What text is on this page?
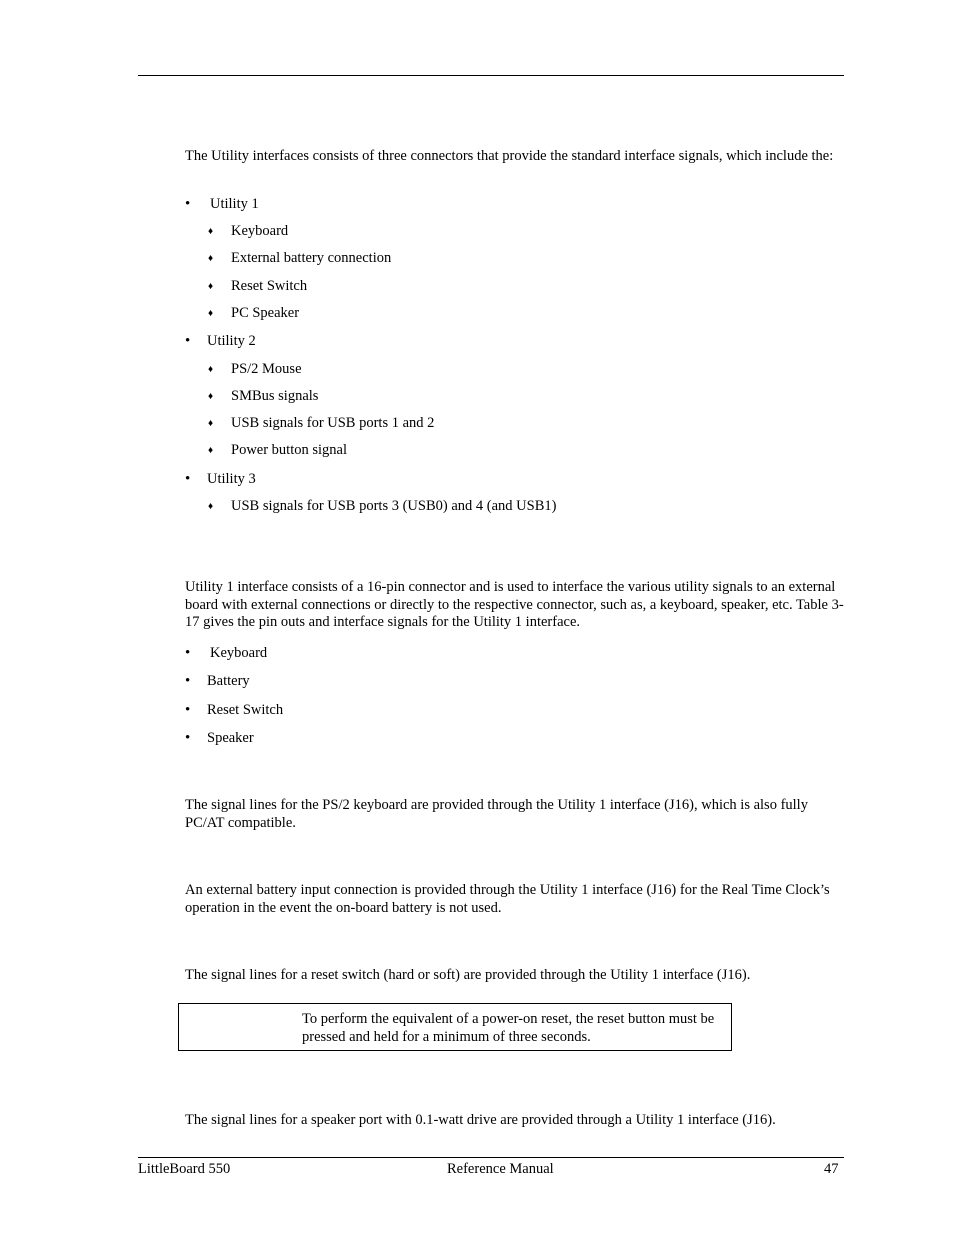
The Utility interfaces consists of three connectors that provide the standard interface signals, which include the:
• Utility 1
♦ Keyboard
♦ External battery connection
♦ Reset Switch
♦ PC Speaker
• Utility 2
♦ PS/2 Mouse
♦ SMBus signals
♦ USB signals for USB ports 1 and 2
♦ Power button signal
• Utility 3
♦ USB signals for USB ports 3 (USB0) and 4 (and USB1)
Utility 1 interface consists of a 16-pin connector and is used to interface the various utility signals to an external board with external connections or directly to the respective connector, such as, a keyboard, speaker, etc. Table 3-17 gives the pin outs and interface signals for the Utility 1 interface.
• Keyboard
• Battery
• Reset Switch
• Speaker
The signal lines for the PS/2 keyboard are provided through the Utility 1 interface (J16), which is also fully PC/AT compatible.
An external battery input connection is provided through the Utility 1 interface (J16) for the Real Time Clock’s operation in the event the on-board battery is not used.
The signal lines for a reset switch (hard or soft) are provided through the Utility 1 interface (J16).
To perform the equivalent of a power-on reset, the reset button must be pressed and held for a minimum of three seconds.
The signal lines for a speaker port with 0.1-watt drive are provided through a Utility 1 interface (J16).
LittleBoard 550	Reference Manual	47
